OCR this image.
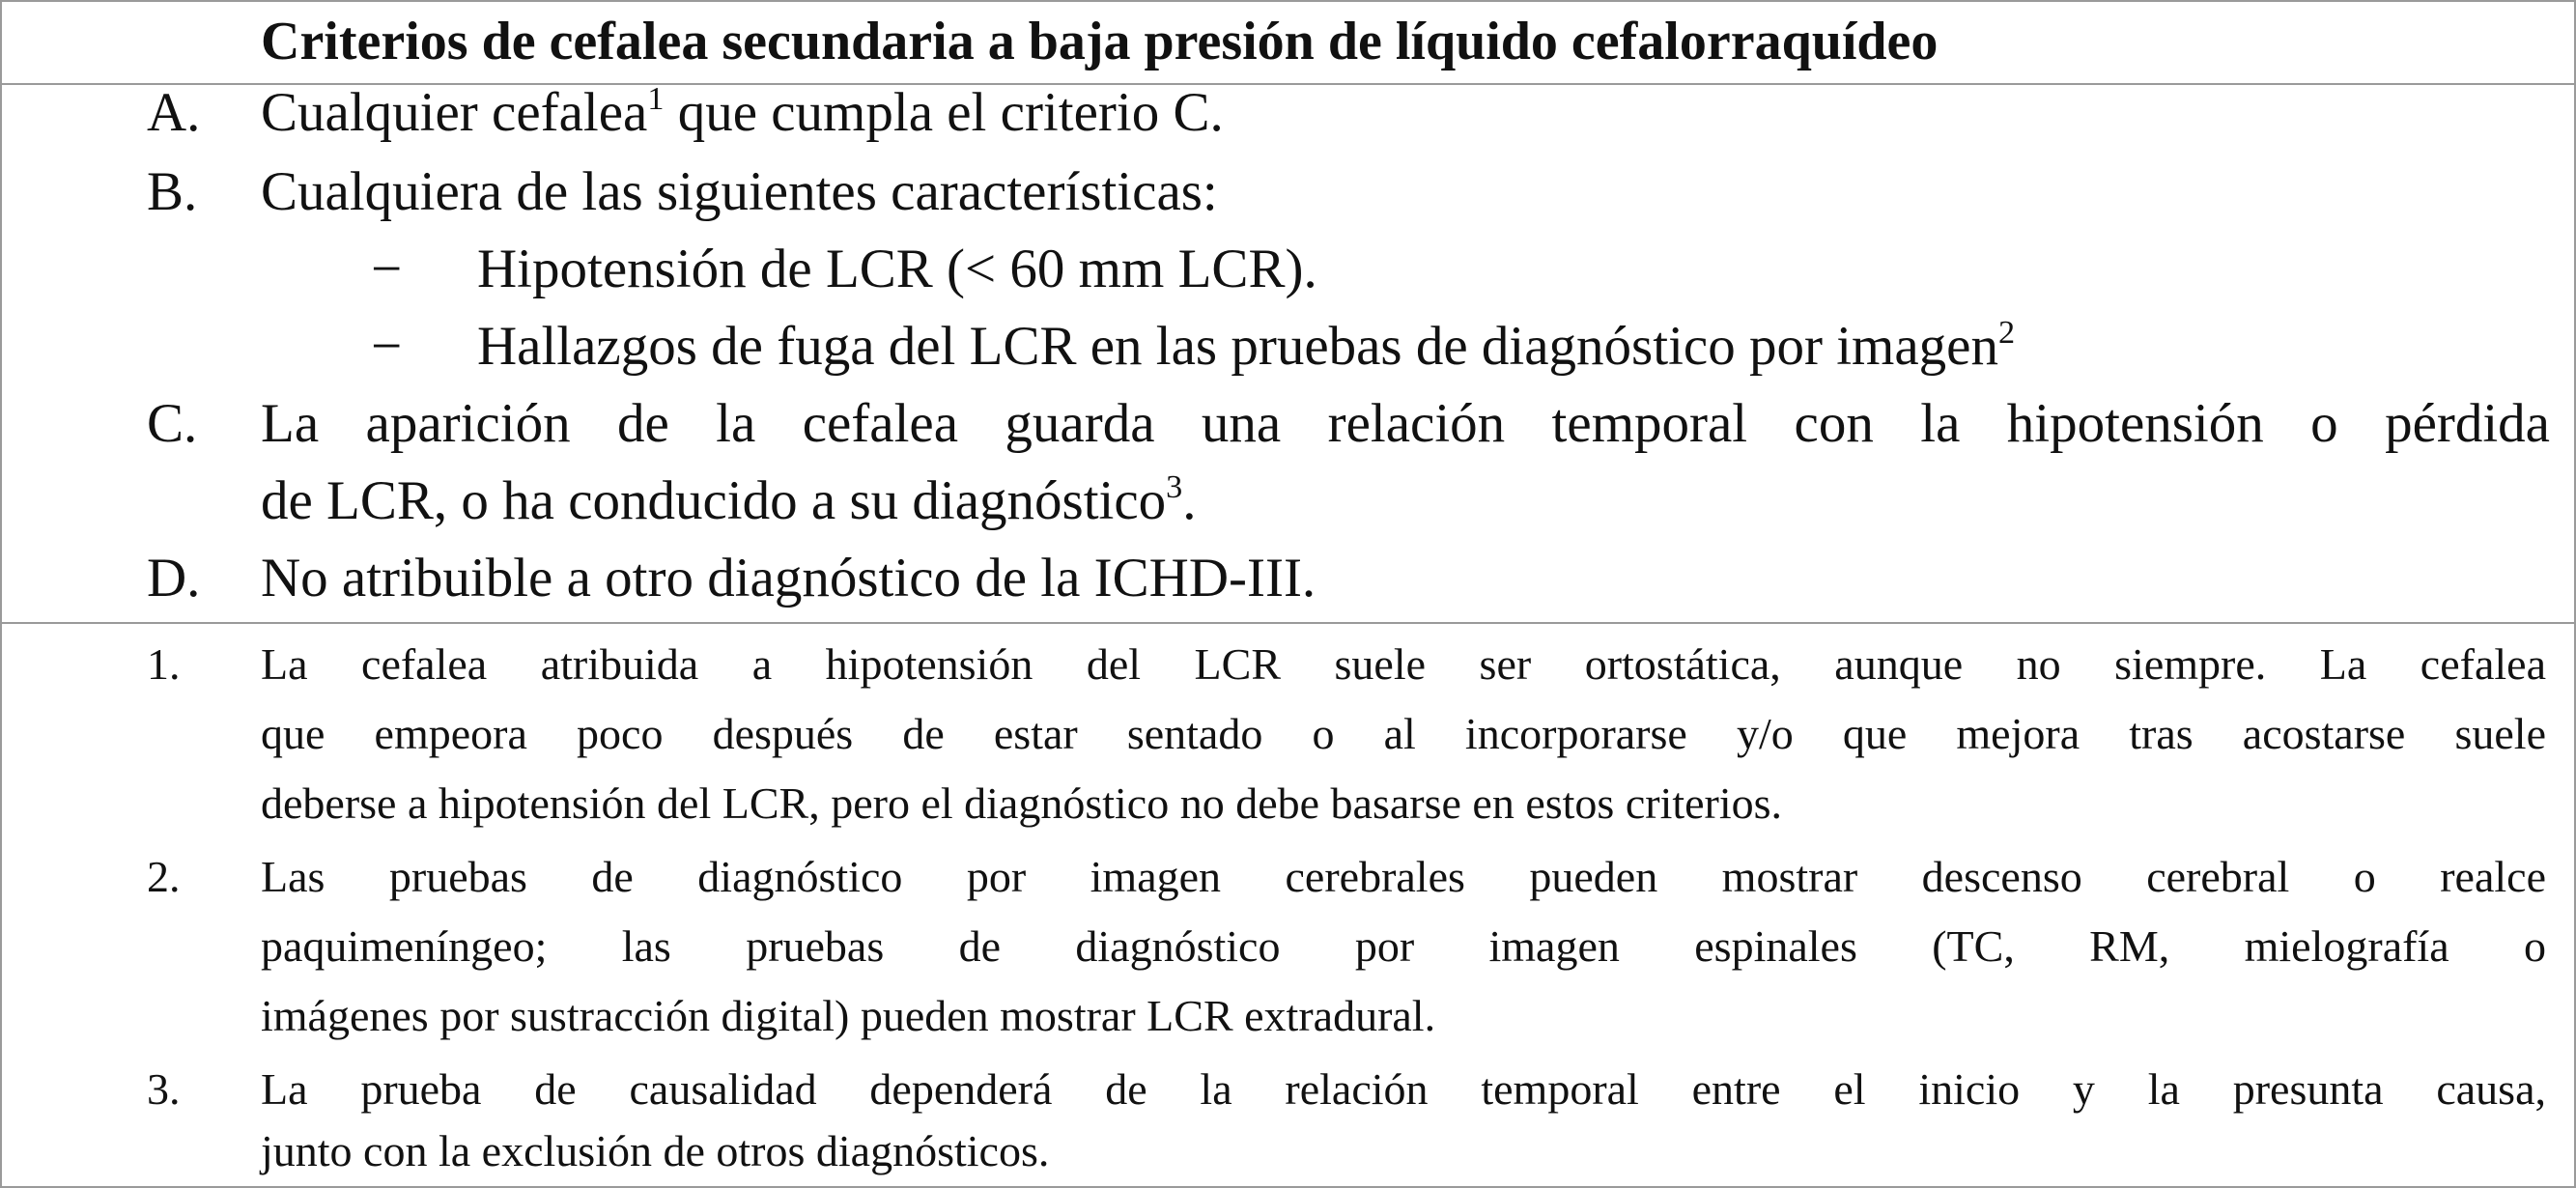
Criterios de cefalea secundaria a baja presión de líquido cefalorraquídeo
A. Cualquier cefalea$^1$ que cumpla el criterio C.
B. Cualquiera de las siguientes características:
− Hipotensión de LCR (< 60 mm LCR).
− Hallazgos de fuga del LCR en las pruebas de diagnóstico por imagen$^2$
C. La aparición de la cefalea guarda una relación temporal con la hipotensión o pérdida
de LCR, o ha conducido a su diagnóstico$^3$.
D. No atribuible a otro diagnóstico de la ICHD-III.
1. La cefalea atribuida a hipotensión del LCR suele ser ortostática, aunque no siempre. La cefalea
que empeora poco después de estar sentado o al incorporarse y/o que mejora tras acostarse suele
deberse a hipotensión del LCR, pero el diagnóstico no debe basarse en estos criterios.
2. Las pruebas de diagnóstico por imagen cerebrales pueden mostrar descenso cerebral o realce
paquimeníngeo; las pruebas de diagnóstico por imagen espinales (TC, RM, mielografía o
imágenes por sustracción digital) pueden mostrar LCR extradural.
3. La prueba de causalidad dependerá de la relación temporal entre el inicio y la presunta causa,
junto con la exclusión de otros diagnósticos.
